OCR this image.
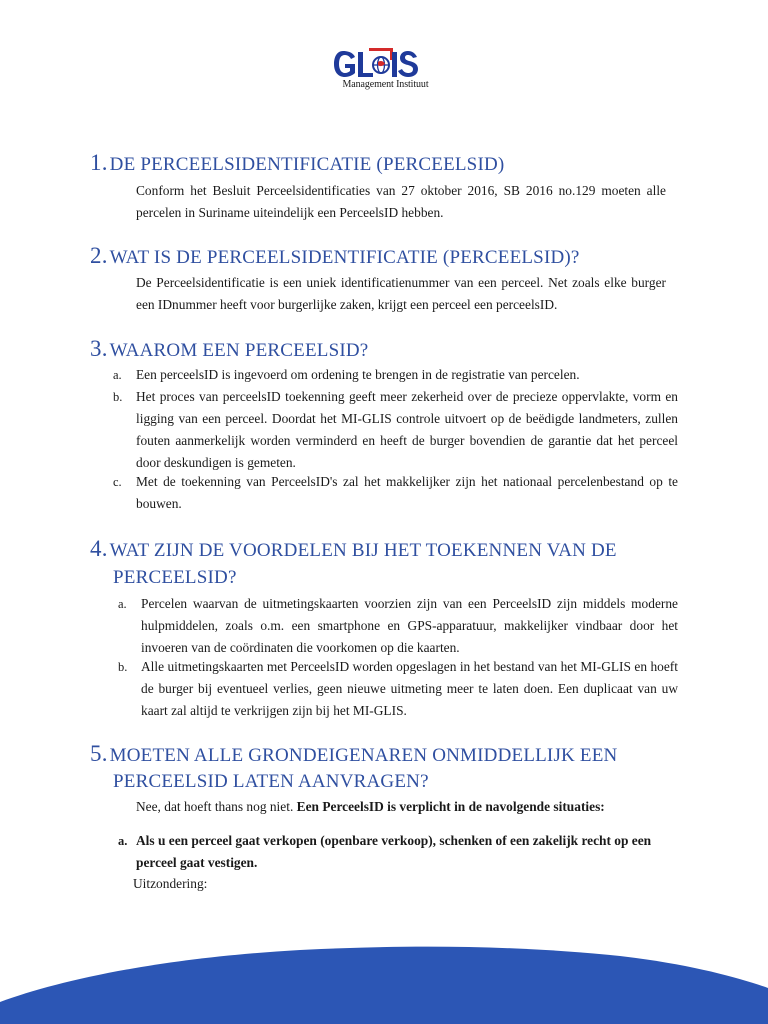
Management Instituut
1. DE PERCEELSIDENTIFICATIE (PERCEELSID)

Conform het Besluit Perceelsidentificaties van 27 oktober 2016, SB 2016 no.129 moeten alle percelen in Suriname uiteindelijk een PerceelsID hebben.

2. WAT IS DE PERCEELSIDENTIFICATIE (PERCEELSID)?

De Perceelsidentificatie is een uniek identificatienummer van een perceel. Net zoals elke burger een IDnummer heeft voor burgerlijke zaken, krijgt een perceel een perceelsID.

3. WAAROM EEN PERCEELSID?
a. Een perceelsID is ingevoerd om ordening te brengen in de registratie van percelen.
b. Het proces van perceelsID toekenning geeft meer zekerheid over de precieze oppervlakte, vorm en ligging van een perceel. Doordat het MI-GLIS controle uitvoert op de beëdigde landmeters, zullen fouten aanmerkelijk worden verminderd en heeft de burger bovendien de garantie dat het perceel door deskundigen is gemeten.
c. Met de toekenning van PerceelsID's zal het makkelijker zijn het nationaal percelenbestand op te bouwen.
4. WAT ZIJN DE VOORDELEN BIJ HET TOEKENNEN VAN DE
PERCEELSID?
a. Percelen waarvan de uitmetingskaarten voorzien zijn van een PerceelsID zijn middels moderne hulpmiddelen, zoals o.m. een smartphone en GPS-apparatuur, makkelijker vindbaar door het invoeren van de coördinaten die voorkomen op die kaarten.
b. Alle uitmetingskaarten met PerceelsID worden opgeslagen in het bestand van het MI-GLIS en hoeft de burger bij eventueel verlies, geen nieuwe uitmeting meer te laten doen. Een duplicaat van uw kaart zal altijd te verkrijgen zijn bij het MI-GLIS.
5. MOETEN ALLE GRONDEIGENAREN ONMIDDELLIJK EEN
PERCEELSID LATEN AANVRAGEN?

Nee, dat hoeft thans nog niet. Een PerceelsID is verplicht in de navolgende situaties:

a. Als u een perceel gaat verkopen (openbare verkoop), schenken of een zakelijk recht op een perceel gaat vestigen.

Uitzondering:
